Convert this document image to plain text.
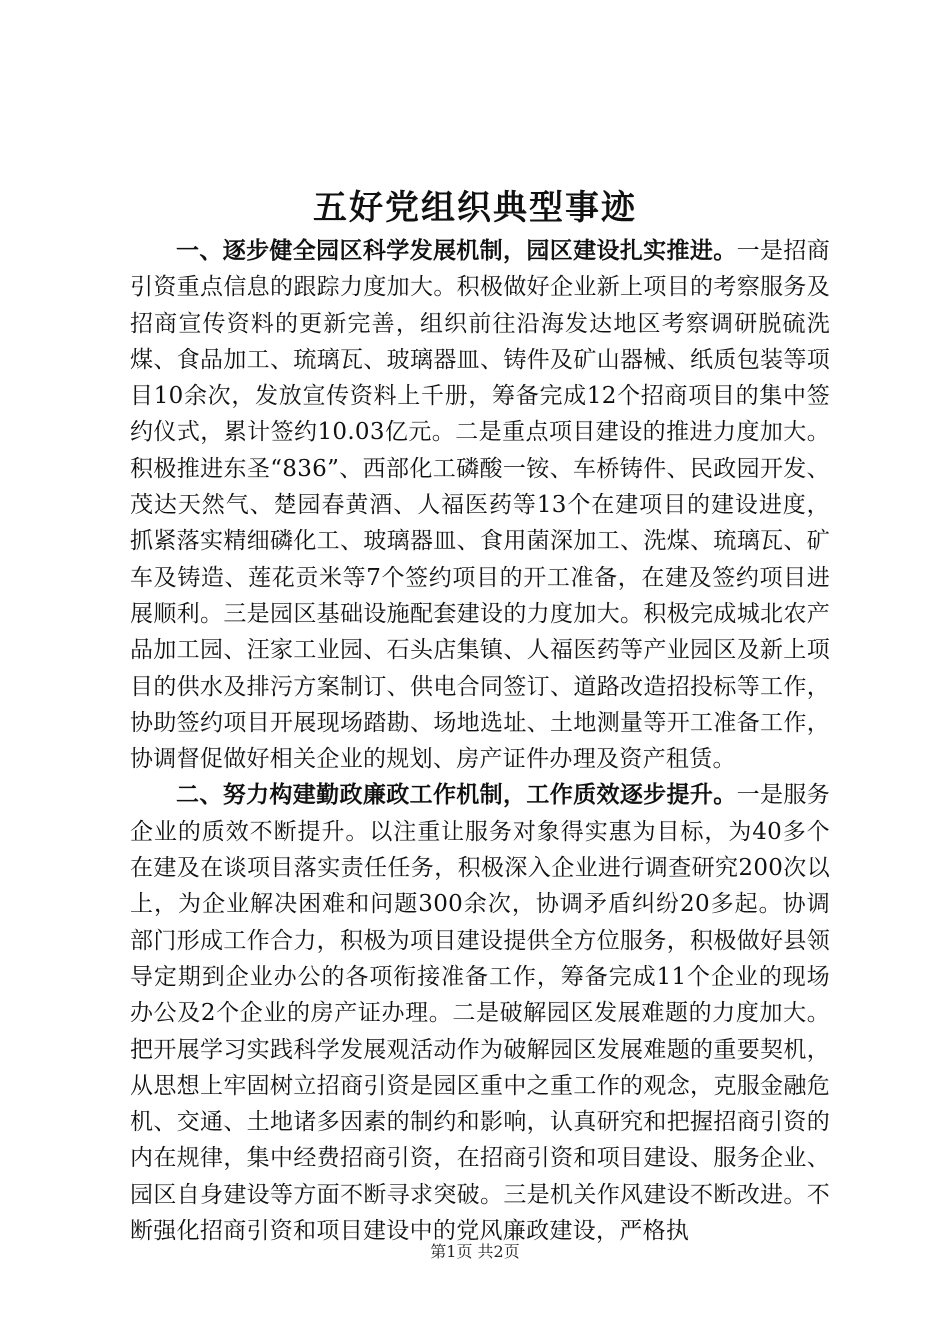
五好党组织典型事迹

一、逐步健全园区科学发展机制，园区建设扎实推进。一是招商引资重点信息的跟踪力度加大。积极做好企业新上项目的考察服务及招商宣传资料的更新完善，组织前往沿海发达地区考察调研脱硫洗煤、食品加工、琉璃瓦、玻璃器皿、铸件及矿山器械、纸质包装等项目10余次，发放宣传资料上千册，筹备完成12个招商项目的集中签约仪式，累计签约10.03亿元。二是重点项目建设的推进力度加大。积极推进东圣“836”、西部化工磷酸一铵、车桥铸件、民政园开发、茂达天然气、楚园春黄酒、人福医药等13个在建项目的建设进度，抓紧落实精细磷化工、玻璃器皿、食用菌深加工、洗煤、琉璃瓦、矿车及铸造、莲花贡米等7个签约项目的开工准备，在建及签约项目进展顺利。三是园区基础设施配套建设的力度加大。积极完成城北农产品加工园、汪家工业园、石头店集镇、人福医药等产业园区及新上项目的供水及排污方案制订、供电合同签订、道路改造招投标等工作，协助签约项目开展现场踏勘、场地选址、土地测量等开工准备工作，协调督促做好相关企业的规划、房产证件办理及资产租赁。

二、努力构建勤政廉政工作机制，工作质效逐步提升。一是服务企业的质效不断提升。以注重让服务对象得实惠为目标，为40多个在建及在谈项目落实责任任务，积极深入企业进行调查研究200次以上，为企业解决困难和问题300余次，协调矛盾纠纷20多起。协调部门形成工作合力，积极为项目建设提供全方位服务，积极做好县领导定期到企业办公的各项衔接准备工作，筹备完成11个企业的现场办公及2个企业的房产证办理。二是破解园区发展难题的力度加大。把开展学习实践科学发展观活动作为破解园区发展难题的重要契机，从思想上牢固树立招商引资是园区重中之重工作的观念，克服金融危机、交通、土地诸多因素的制约和影响，认真研究和把握招商引资的内在规律，集中经费招商引资，在招商引资和项目建设、服务企业、园区自身建设等方面不断寻求突破。三是机关作风建设不断改进。不断强化招商引资和项目建设中的党风廉政建设，严格执

第1页 共2页
